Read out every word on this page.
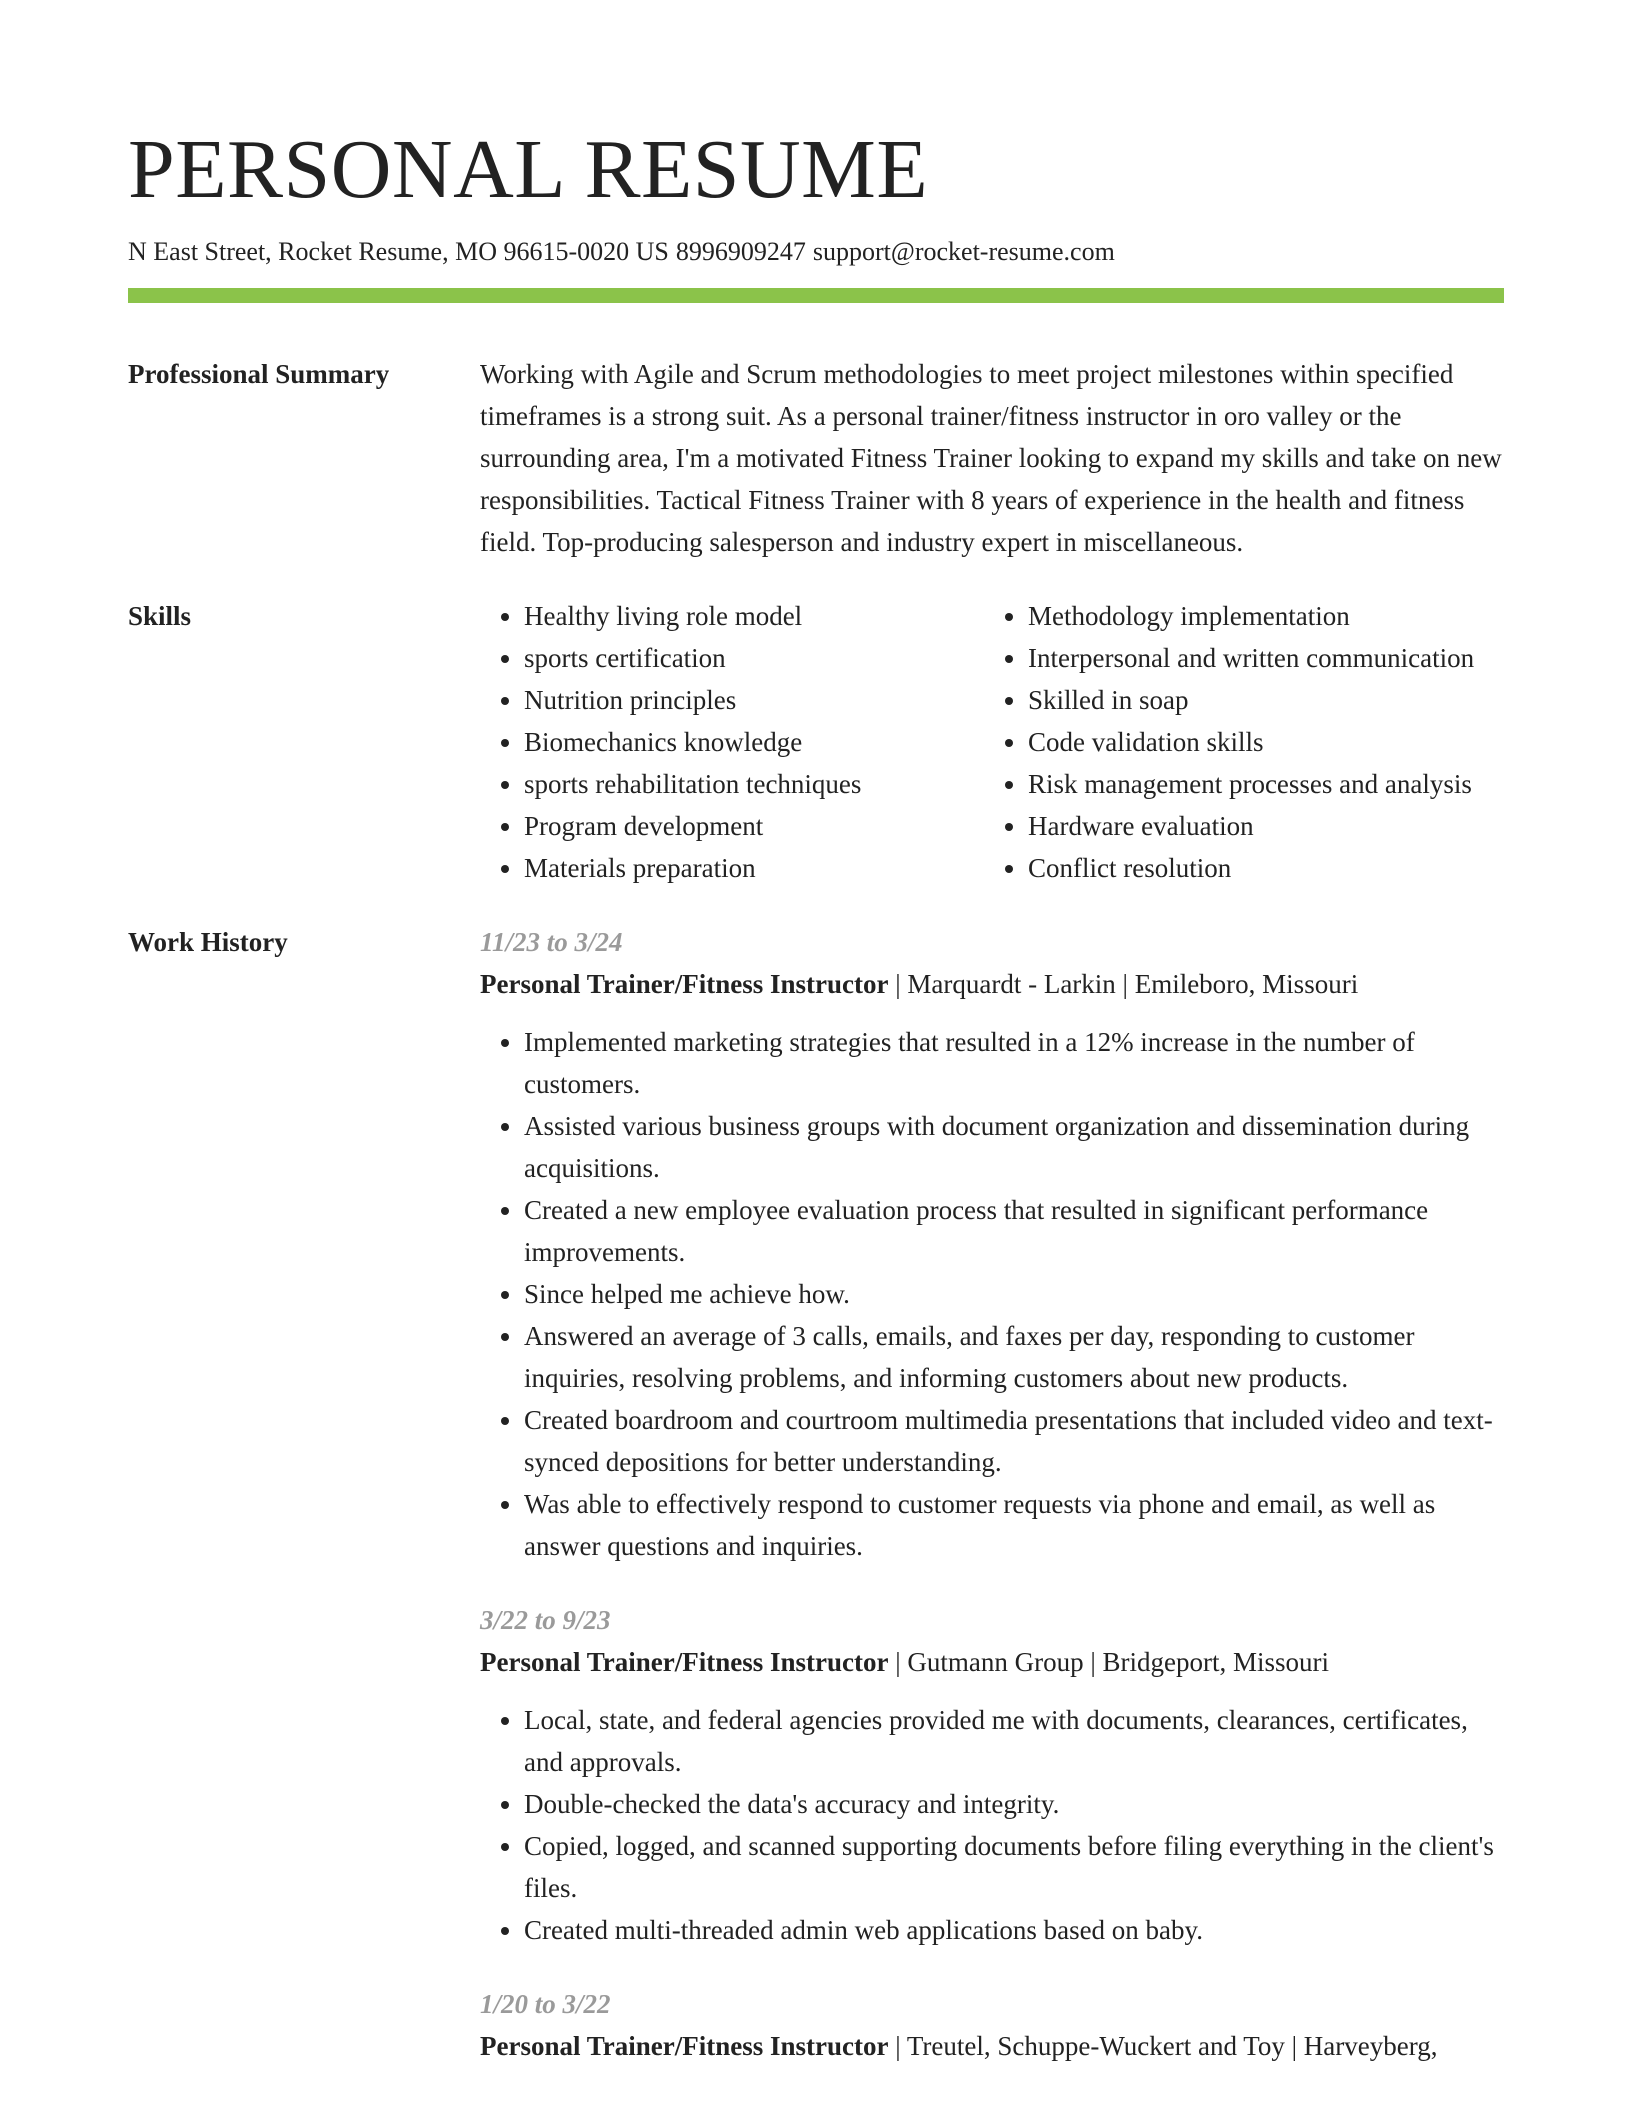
PERSONAL RESUME
N East Street, Rocket Resume, MO 96615-0020 US 8996909247 support@rocket-resume.com
Professional Summary	Working with Agile and Scrum methodologies to meet project milestones within specified timeframes is a strong suit. As a personal trainer/fitness instructor in oro valley or the surrounding area, I'm a motivated Fitness Trainer looking to expand my skills and take on new responsibilities. Tactical Fitness Trainer with 8 years of experience in the health and fitness field. Top-producing salesperson and industry expert in miscellaneous.

Skills
•	Healthy living role model
• sports certification
• Nutrition principles
• Biomechanics knowledge
• sports rehabilitation techniques
• Program development
• Materials preparation
• Methodology implementation
• Interpersonal and written communication
• Skilled in soap
• Code validation skills
• Risk management processes and analysis
• Hardware evaluation
• Conflict resolution
Work History	11/23 to 3/24
Personal Trainer/Fitness Instructor | Marquardt - Larkin | Emileboro, Missouri
• Implemented marketing strategies that resulted in a 12% increase in the number of customers.
• Assisted various business groups with document organization and dissemination during acquisitions.
• Created a new employee evaluation process that resulted in significant performance improvements.
• Since helped me achieve how.
• Answered an average of 3 calls, emails, and faxes per day, responding to customer inquiries, resolving problems, and informing customers about new products.
• Created boardroom and courtroom multimedia presentations that included video and text-synced depositions for better understanding.
• Was able to effectively respond to customer requests via phone and email, as well as answer questions and inquiries.
3/22 to 9/23
Personal Trainer/Fitness Instructor | Gutmann Group | Bridgeport, Missouri
• Local, state, and federal agencies provided me with documents, clearances, certificates, and approvals.
• Double-checked the data's accuracy and integrity.
• Copied, logged, and scanned supporting documents before filing everything in the client's files.
• Created multi-threaded admin web applications based on baby.
1/20 to 3/22
Personal Trainer/Fitness Instructor | Treutel, Schuppe-Wuckert and Toy | Harveyberg,
